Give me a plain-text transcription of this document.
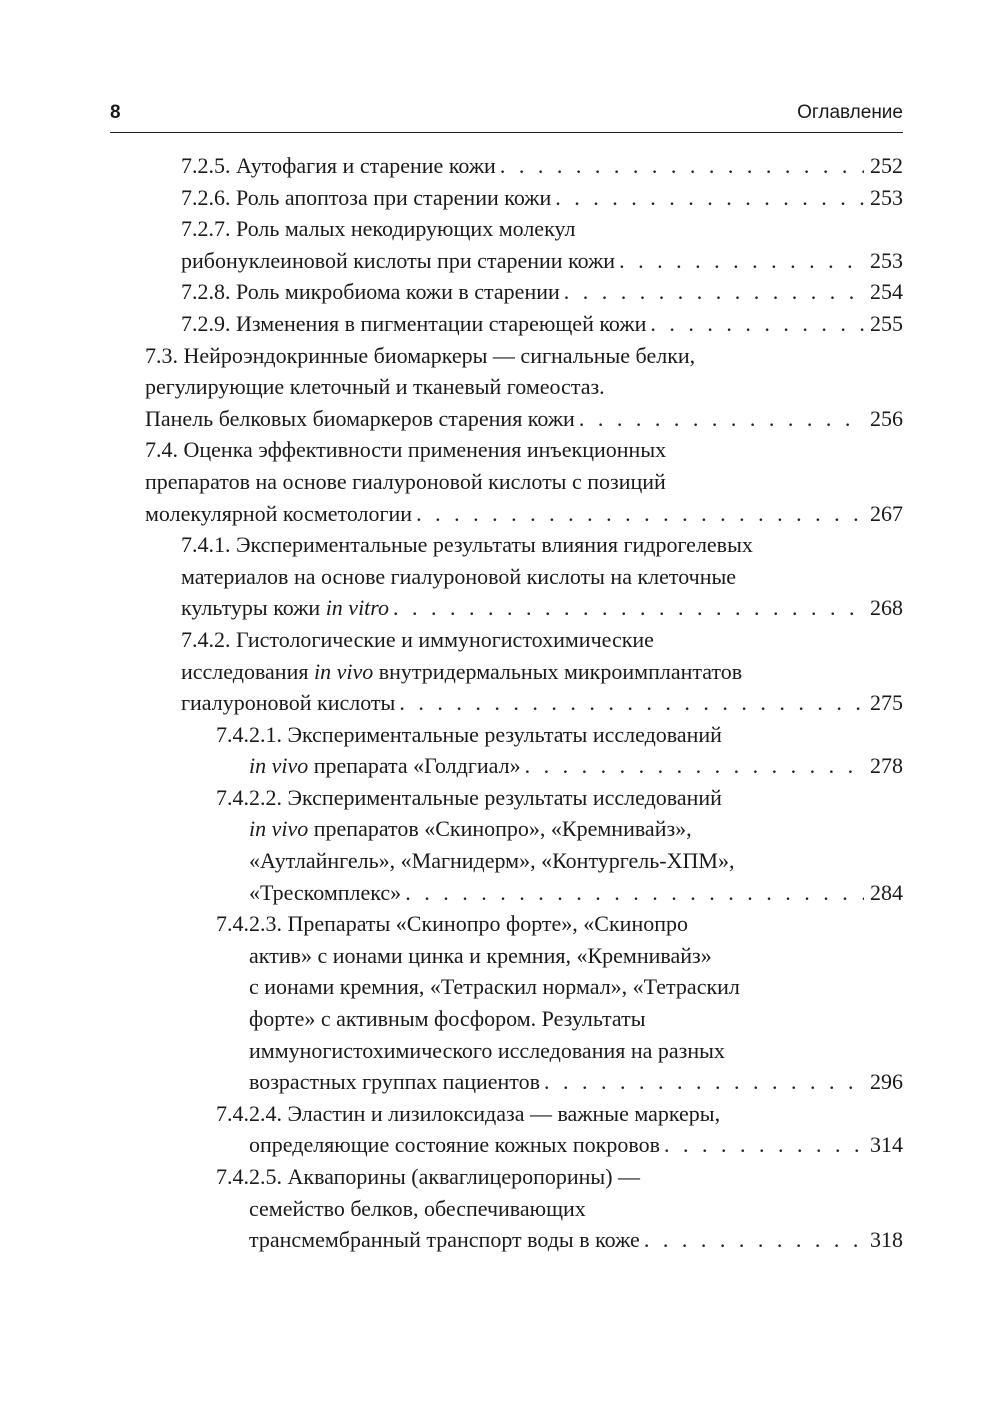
8	Оглавление
7.2.5. Аутофагия и старение кожи . . .	252
7.2.6. Роль апоптоза при старении кожи . . .	253
7.2.7. Роль малых некодирующих молекул
рибонуклеиновой кислоты при старении кожи . . .	253
7.2.8. Роль микробиома кожи в старении . . .	254
7.2.9. Изменения в пигментации стареющей кожи . . .	255
7.3. Нейроэндокринные биомаркеры — сигнальные белки,
регулирующие клеточный и тканевый гомеостаз.
Панель белковых биомаркеров старения кожи . . .	256
7.4. Оценка эффективности применения инъекционных
препаратов на основе гиалуроновой кислоты с позиций
молекулярной косметологии . . .	267
7.4.1. Экспериментальные результаты влияния гидрогелевых
материалов на основе гиалуроновой кислоты на клеточные
культуры кожи in vitro . . .	268
7.4.2. Гистологические и иммуногистохимические
исследования in vivo внутридермальных микроимплантатов
гиалуроновой кислоты . . .	275
7.4.2.1. Экспериментальные результаты исследований
in vivo препарата «Голдгиал» . . .	278
7.4.2.2. Экспериментальные результаты исследований
in vivo препаратов «Скинопро», «Кремнивайз»,
«Аутлайнгель», «Магнидерм», «Контургель-ХПМ»,
«Трескомплекс» . . .	284
7.4.2.3. Препараты «Скинопро форте», «Скинопро
актив» с ионами цинка и кремния, «Кремнивайз»
с ионами кремния, «Тетраскил нормал», «Тетраскил
форте» с активным фосфором. Результаты
иммуногистохимического исследования на разных
возрастных группах пациентов . . .	296
7.4.2.4. Эластин и лизилоксидаза — важные маркеры,
определяющие состояние кожных покровов . . .	314
7.4.2.5. Аквапорины (акваглицеропорины) —
семейство белков, обеспечивающих
трансмембранный транспорт воды в коже . . .	318
